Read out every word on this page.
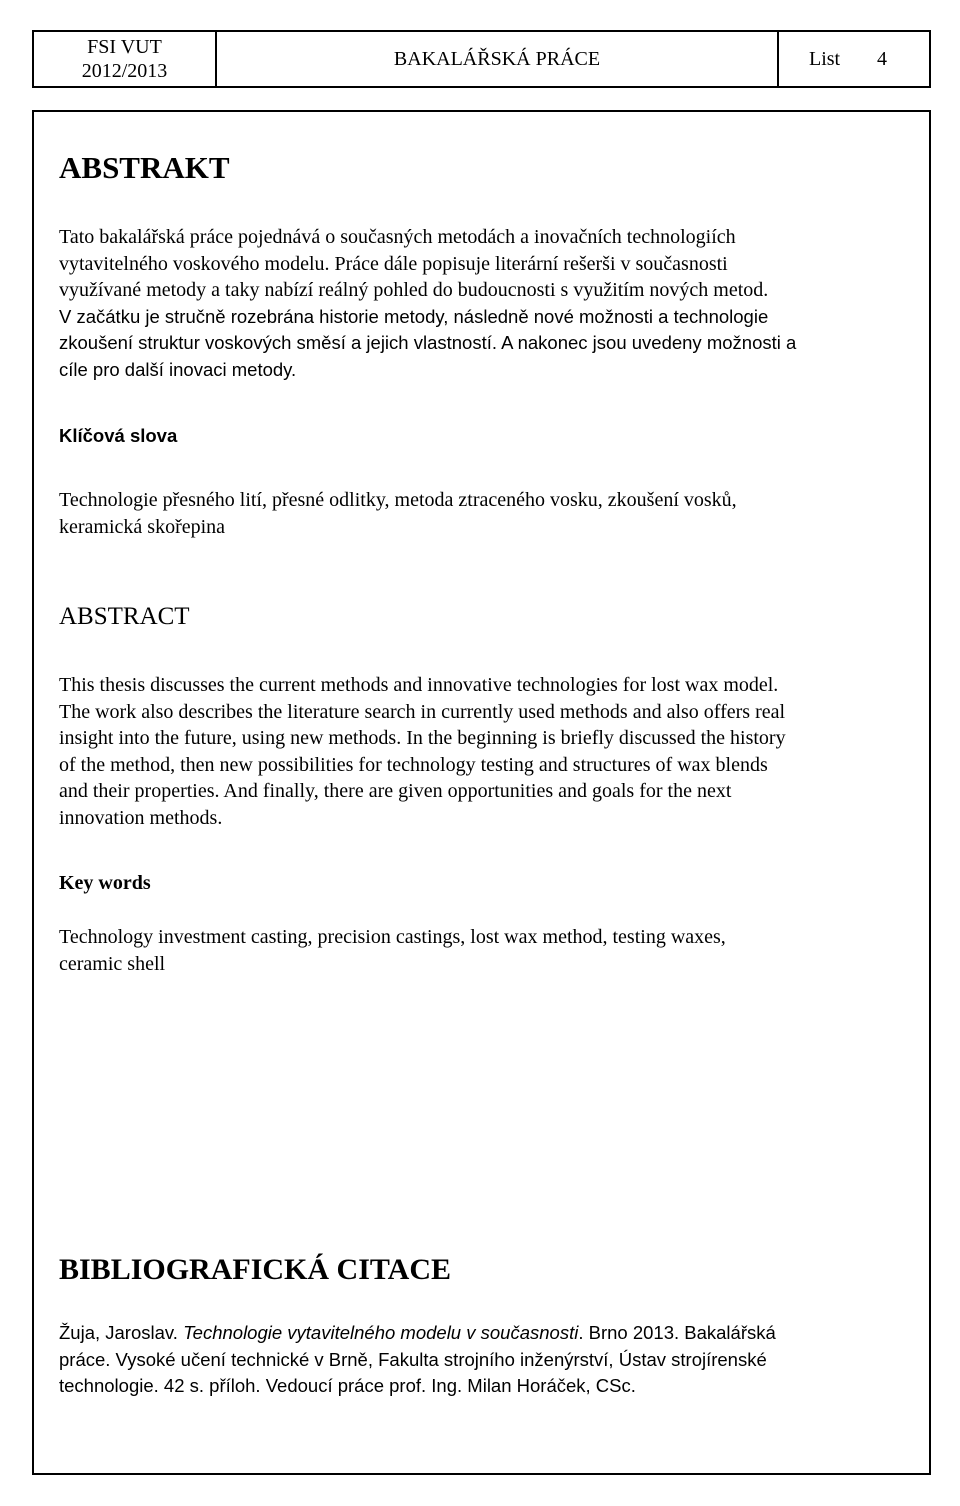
FSI VUT
2012/2013
BAKALÁŘSKÁ PRÁCE	List 4
ABSTRAKT
Tato bakalářská práce pojednává o současných metodách a inovačních technologiích
vytavitelného voskového modelu. Práce dále popisuje literární rešerši v současnosti
využívané metody a taky nabízí reálný pohled do budoucnosti s využitím nových metod.
V začátku je stručně rozebrána historie metody, následně nové možnosti a technologie
zkoušení struktur voskových směsí a jejich vlastností. A nakonec jsou uvedeny možnosti a
cíle pro další inovaci metody.
Klíčová slova
Technologie přesného lití, přesné odlitky, metoda ztraceného vosku, zkoušení vosků,
keramická skořepina
ABSTRACT
This thesis discusses the current methods and innovative technologies for lost wax model.
The work also describes the literature search in currently used methods and also offers real
insight into the future, using new methods. In the beginning is briefly discussed the history
of the method, then new possibilities for technology testing and structures of wax blends
and their properties. And finally, there are given opportunities and goals for the next
innovation methods.
Key words
Technology investment casting, precision castings, lost wax method, testing waxes,
ceramic shell
BIBLIOGRAFICKÁ CITACE
Žuja, Jaroslav. Technologie vytavitelného modelu v současnosti. Brno 2013. Bakalářská
práce. Vysoké učení technické v Brně, Fakulta strojního inženýrství, Ústav strojírenské
technologie. 42 s. příloh. Vedoucí práce prof. Ing. Milan Horáček, CSc.
